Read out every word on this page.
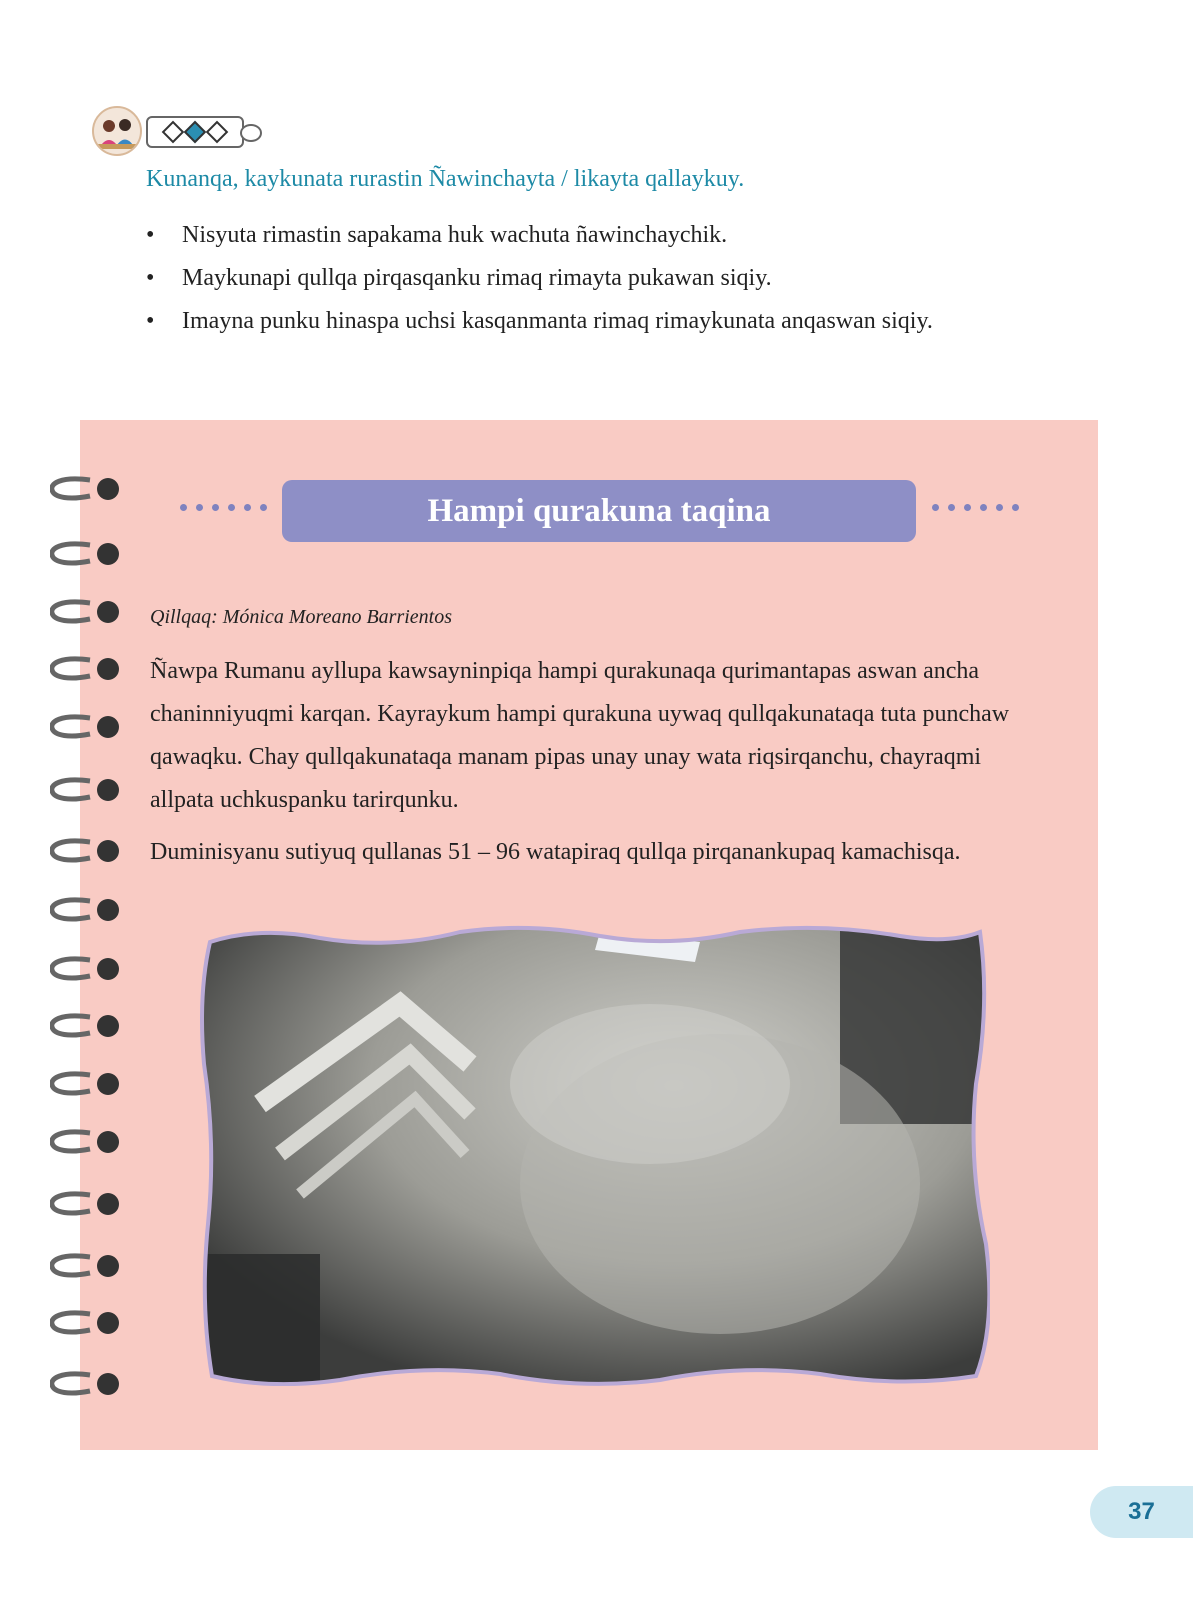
Kunanqa, kaykunata rurastin Ñawinchayta / likayta qallaykuy.

• Nisyuta rimastin sapakama huk wachuta ñawinchaychik.
• Maykunapi qullqa pirqasqanku rimaq rimayta pukawan siqiy.
• Imayna punku hinaspa uchsi kasqanmanta rimaq rimaykunata anqaswan siqiy.
Hampi qurakuna taqina

Qillqaq: Mónica Moreano Barrientos

Ñawpa Rumanu ayllupa kawsayninpiqa hampi qurakunaqa qurimantapas aswan ancha chaninniyuqmi karqan. Kayraykum hampi qurakuna uywaq qullqakunataqa tuta punchaw qawaqku. Chay qullqakunataqa manam pipas unay unay wata riqsirqanchu, chayraqmi allpata uchkuspanku tarirqunku.

Duminisyanu sutiyuq qullanas 51 – 96 watapiraq qullqa pirqanankupaq kamachisqa.

37
